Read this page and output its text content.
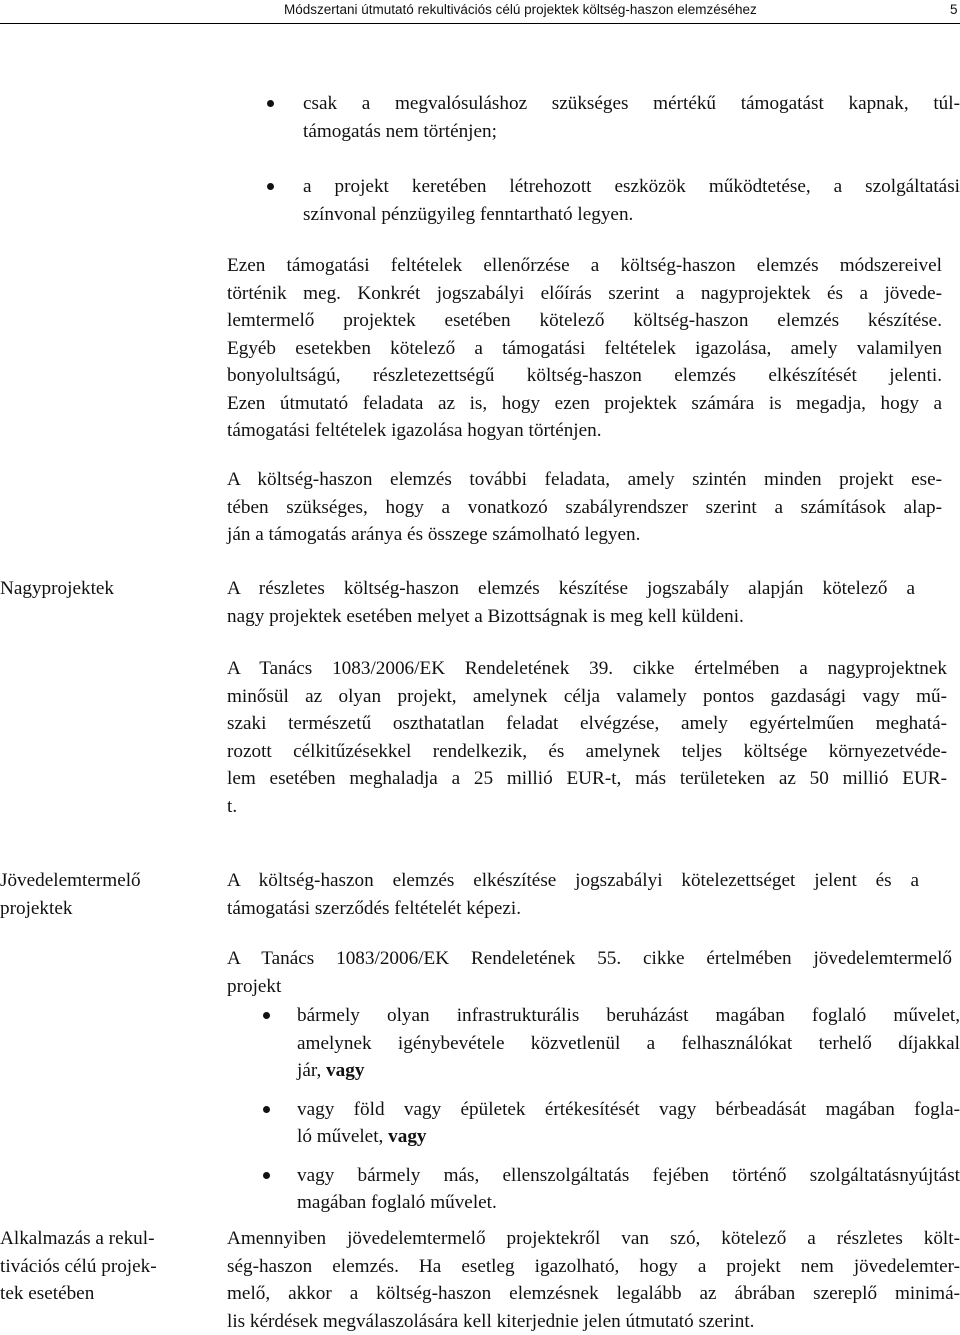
Módszertani útmutató rekultivációs célú projektek költség-haszon elemzéséhez	5
csak a megvalósuláshoz szükséges mértékű támogatást kapnak, túl-
támogatás nem történjen;
a projekt keretében létrehozott eszközök működtetése, a szolgáltatási
színvonal pénzügyileg fenntartható legyen.
Ezen támogatási feltételek ellenőrzése a költség-haszon elemzés módszereivel
történik meg. Konkrét jogszabályi előírás szerint a nagyprojektek és a jövede-
lemtermelő projektek esetében kötelező költség-haszon elemzés készítése.
Egyéb esetekben kötelező a támogatási feltételek igazolása, amely valamilyen
bonyolultságú, részletezettségű költség-haszon elemzés elkészítését jelenti.
Ezen útmutató feladata az is, hogy ezen projektek számára is megadja, hogy a
támogatási feltételek igazolása hogyan történjen.
A költség-haszon elemzés további feladata, amely szintén minden projekt ese-
tében szükséges, hogy a vonatkozó szabályrendszer szerint a számítások alap-
ján a támogatás aránya és összege számolható legyen.
Nagyprojektek	A részletes költség-haszon elemzés készítése jogszabály alapján kötelező a
nagy projektek esetében melyet a Bizottságnak is meg kell küldeni.
A Tanács 1083/2006/EK Rendeletének 39. cikke értelmében a nagyprojektnek
minősül az olyan projekt, amelynek célja valamely pontos gazdasági vagy mű-
szaki természetű oszthatatlan feladat elvégzése, amely egyértelműen meghatá-
rozott célkitűzésekkel rendelkezik, és amelynek teljes költsége környezetvéde-
lem esetében meghaladja a 25 millió EUR-t, más területeken az 50 millió EUR-
t.
Jövedelemtermelő
projektek
A költség-haszon elemzés elkészítése jogszabályi kötelezettséget jelent és a
támogatási szerződés feltételét képezi.
A Tanács 1083/2006/EK Rendeletének 55. cikke értelmében jövedelemtermelő
projekt
bármely olyan infrastrukturális beruházást magában foglaló művelet,
amelynek igénybevétele közvetlenül a felhasználókat terhelő díjakkal
jár, vagy
vagy föld vagy épületek értékesítését vagy bérbeadását magában fogla-
ló művelet, vagy
vagy bármely más, ellenszolgáltatás fejében történő szolgáltatásnyújtást
magában foglaló művelet.
Alkalmazás a rekul-
tivációs célú projek-
tek esetében
Amennyiben jövedelemtermelő projektekről van szó, kötelező a részletes költ-
ség-haszon elemzés. Ha esetleg igazolható, hogy a projekt nem jövedelemter-
melő, akkor a költség-haszon elemzésnek legalább az ábrában szereplő minimá-
lis kérdések megválaszolására kell kiterjednie jelen útmutató szerint.
